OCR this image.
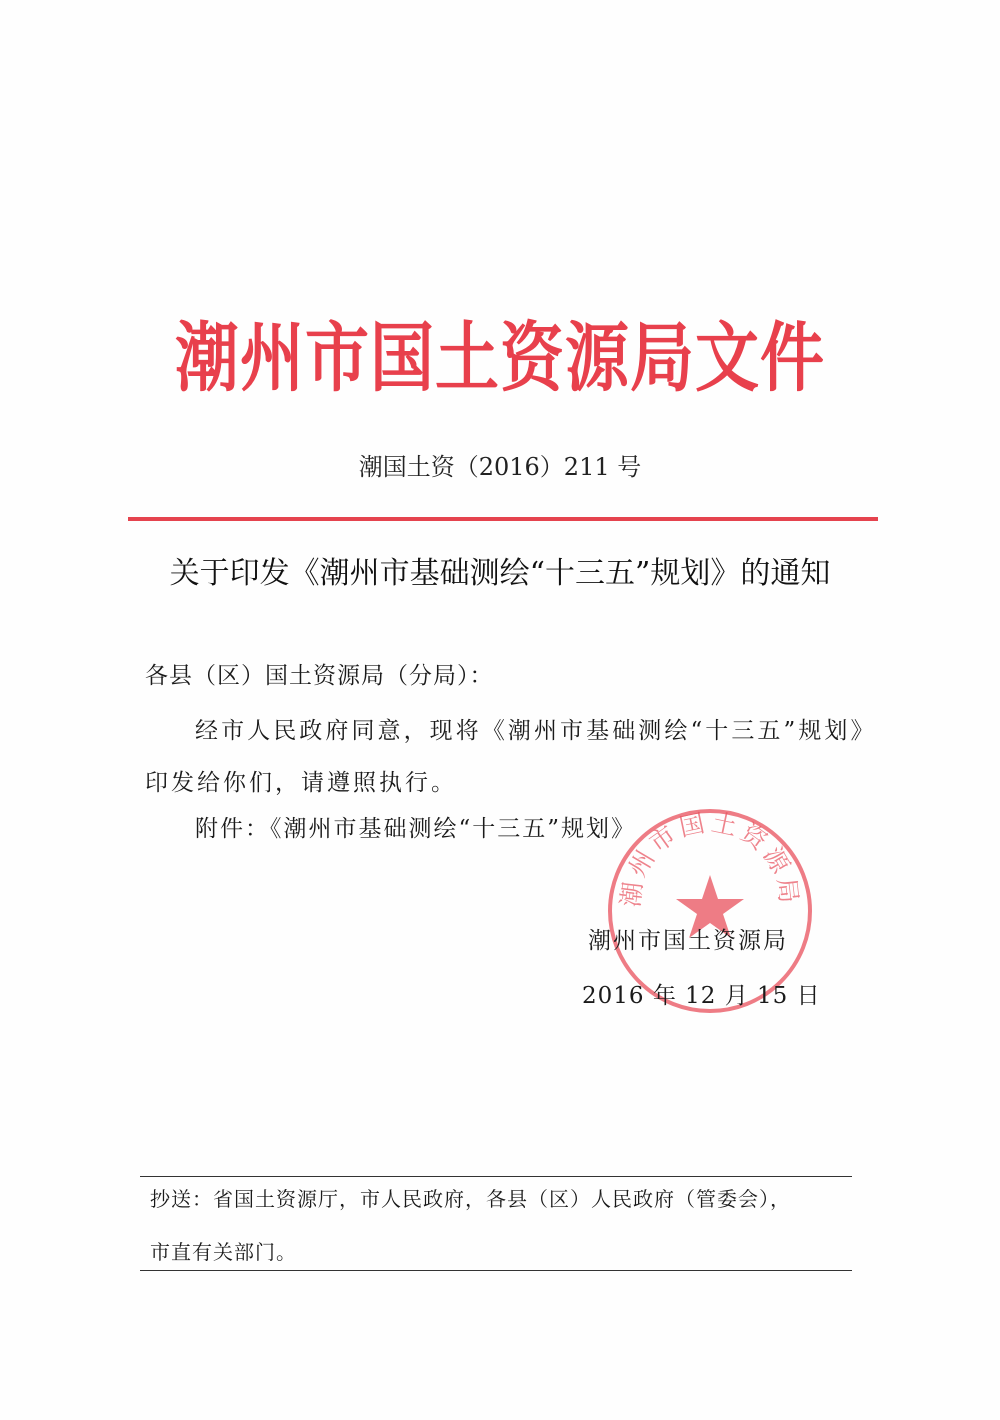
潮州市国土资源局文件
潮国土资（2016）211 号
关于印发《潮州市基础测绘“十三五”规划》的通知
各县（区）国土资源局（分局）：
经市人民政府同意，现将《潮州市基础测绘“十三五”规划》印发给你们，请遵照执行。
附件：《潮州市基础测绘“十三五”规划》
潮州市国土资源局
潮州市国土资源局
2016 年 12 月 15 日
抄送：省国土资源厅，市人民政府，各县（区）人民政府（管委会），
市直有关部门。
